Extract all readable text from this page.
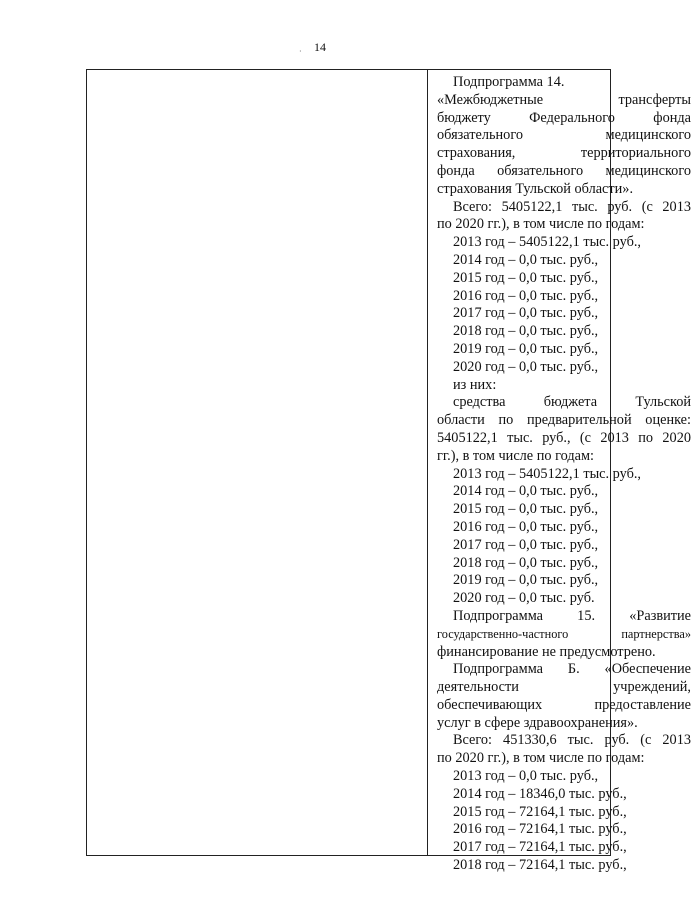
14
·
Подпрограмма 14.
«Межбюджетные трансферты
бюджету Федерального фонда
обязательного медицинского
страхования, территориального
фонда обязательного медицинского
страхования Тульской области».
Всего: 5405122,1 тыс. руб. (с 2013
по 2020 гг.), в том числе по годам:
2013 год – 5405122,1 тыс. руб.,
2014 год – 0,0 тыс. руб.,
2015 год – 0,0 тыс. руб.,
2016 год – 0,0 тыс. руб.,
2017 год – 0,0 тыс. руб.,
2018 год – 0,0 тыс. руб.,
2019 год – 0,0 тыс. руб.,
2020 год – 0,0 тыс. руб.,
из них:
средства бюджета Тульской
области по предварительной оценке:
5405122,1 тыс. руб., (с 2013 по 2020
гг.), в том числе по годам:
2013 год – 5405122,1 тыс. руб.,
2014 год – 0,0 тыс. руб.,
2015 год – 0,0 тыс. руб.,
2016 год – 0,0 тыс. руб.,
2017 год – 0,0 тыс. руб.,
2018 год – 0,0 тыс. руб.,
2019 год – 0,0 тыс. руб.,
2020 год – 0,0 тыс. руб.
Подпрограмма 15. «Развитие
государственно-частного партнерства»
финансирование не предусмотрено.
Подпрограмма Б. «Обеспечение
деятельности учреждений,
обеспечивающих предоставление
услуг в сфере здравоохранения».
Всего: 451330,6 тыс. руб. (с 2013
по 2020 гг.), в том числе по годам:
2013 год – 0,0 тыс. руб.,
2014 год – 18346,0 тыс. руб.,
2015 год – 72164,1 тыс. руб.,
2016 год – 72164,1 тыс. руб.,
2017 год – 72164,1 тыс. руб.,
2018 год – 72164,1 тыс. руб.,
